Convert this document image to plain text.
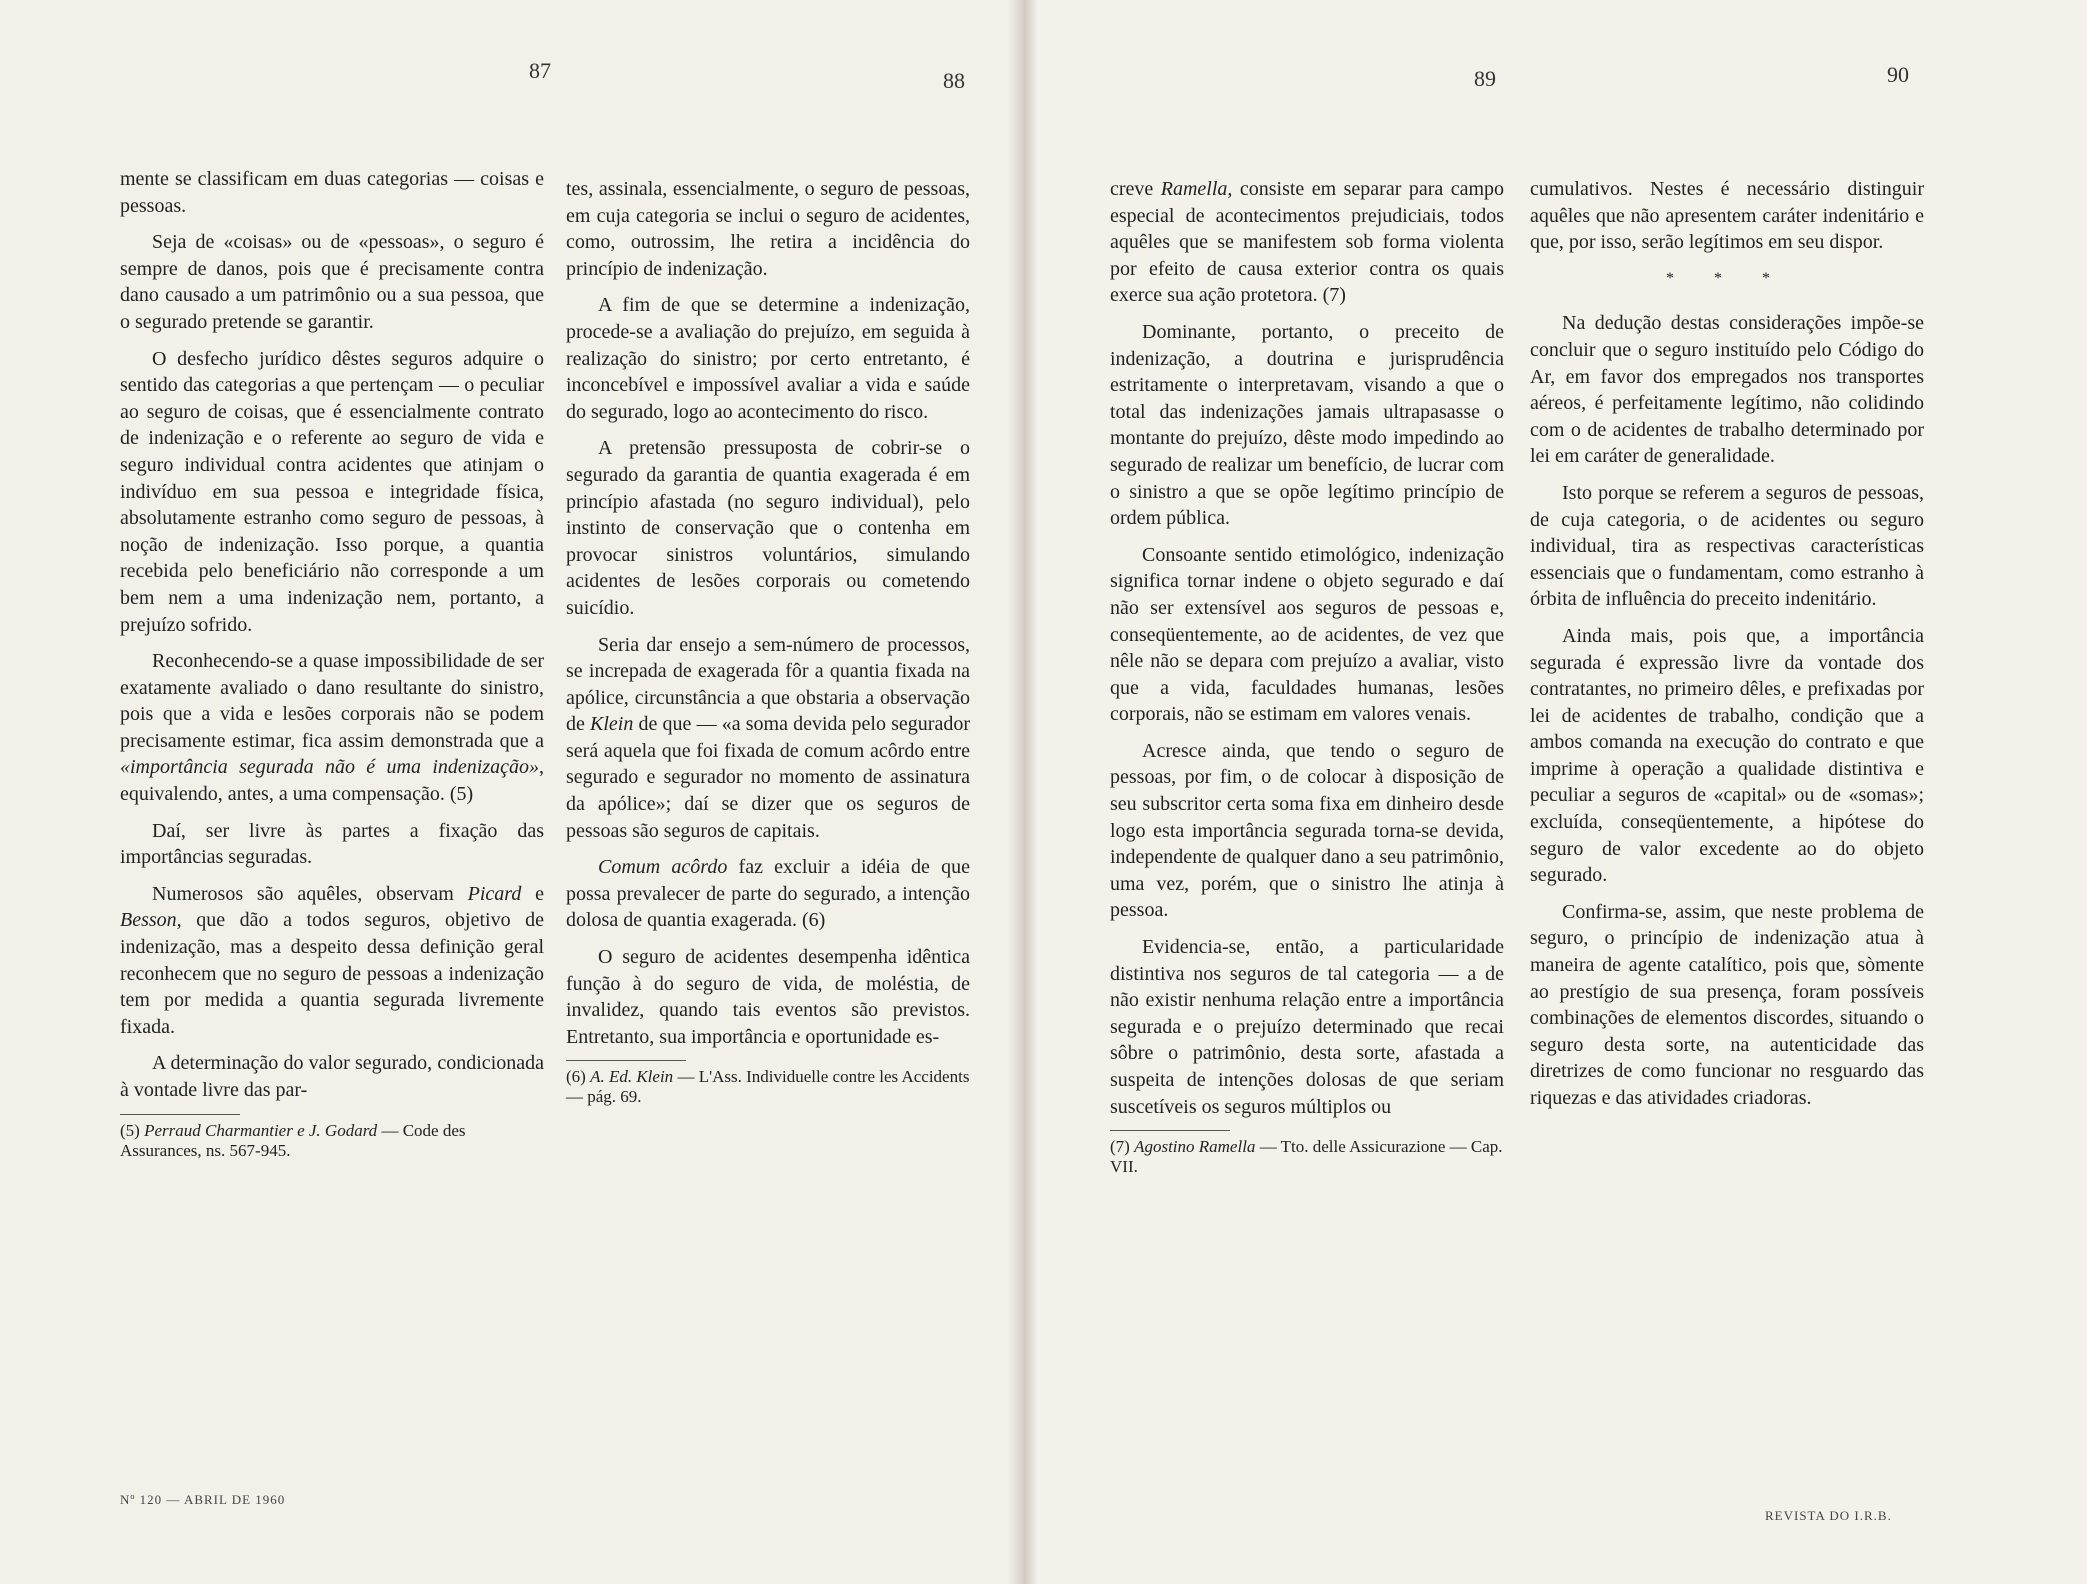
87	88	89	90

mente se classificam em duas categorias — coisas e pessoas.

Seja de «coisas» ou de «pessoas», o seguro é sempre de danos, pois que é precisamente contra dano causado a um patrimônio ou a sua pessoa, que o segurado pretende se garantir.

O desfecho jurídico dêstes seguros adquire o sentido das categorias a que pertençam — o peculiar ao seguro de coisas, que é essencialmente contrato de indenização e o referente ao seguro de vida e seguro individual contra acidentes que atinjam o indivíduo em sua pessoa e integridade física, absolutamente estranho como seguro de pessoas, à noção de indenização. Isso porque, a quantia recebida pelo beneficiário não corresponde a um bem nem a uma indenização nem, portanto, a prejuízo sofrido.

Reconhecendo-se a quase impossibilidade de ser exatamente avaliado o dano resultante do sinistro, pois que a vida e lesões corporais não se podem precisamente estimar, fica assim demonstrada que a «importância segurada não é uma indenização», equivalendo, antes, a uma compensação. (5)

Daí, ser livre às partes a fixação das importâncias seguradas.

Numerosos são aquêles, observam Picard e Besson, que dão a todos seguros, objetivo de indenização, mas a despeito dessa definição geral reconhecem que no seguro de pessoas a indenização tem por medida a quantia segurada livremente fixada.

A determinação do valor segurado, condicionada à vontade livre das par-

(5) Perraud Charmantier e J. Godard — Code des Assurances, ns. 567-945.

tes, assinala, essencialmente, o seguro de pessoas, em cuja categoria se inclui o seguro de acidentes, como, outrossim, lhe retira a incidência do princípio de indenização.

A fim de que se determine a indenização, procede-se a avaliação do prejuízo, em seguida à realização do sinistro; por certo entretanto, é inconcebível e impossível avaliar a vida e saúde do segurado, logo ao acontecimento do risco.

A pretensão pressuposta de cobrir-se o segurado da garantia de quantia exagerada é em princípio afastada (no seguro individual), pelo instinto de conservação que o contenha em provocar sinistros voluntários, simulando acidentes de lesões corporais ou cometendo suicídio.

Seria dar ensejo a sem-número de processos, se increpada de exagerada fôr a quantia fixada na apólice, circunstância a que obstaria a observação de Klein de que — «a soma devida pelo segurador será aquela que foi fixada de comum acôrdo entre segurado e segurador no momento de assinatura da apólice»; daí se dizer que os seguros de pessoas são seguros de capitais.

Comum acôrdo faz excluir a idéia de que possa prevalecer de parte do segurado, a intenção dolosa de quantia exagerada. (6)

O seguro de acidentes desempenha idêntica função à do seguro de vida, de moléstia, de invalidez, quando tais eventos são previstos. Entretanto, sua importância e oportunidade es-

(6) A. Ed. Klein — L'Ass. Individuelle contre les Accidents — pág. 69.

creve Ramella, consiste em separar para campo especial de acontecimentos prejudiciais, todos aquêles que se manifestem sob forma violenta por efeito de causa exterior contra os quais exerce sua ação protetora. (7)

Dominante, portanto, o preceito de indenização, a doutrina e jurisprudência estritamente o interpretavam, visando a que o total das indenizações jamais ultrapasasse o montante do prejuízo, dêste modo impedindo ao segurado de realizar um benefício, de lucrar com o sinistro a que se opõe legítimo princípio de ordem pública.

Consoante sentido etimológico, indenização significa tornar indene o objeto segurado e daí não ser extensível aos seguros de pessoas e, conseqüentemente, ao de acidentes, de vez que nêle não se depara com prejuízo a avaliar, visto que a vida, faculdades humanas, lesões corporais, não se estimam em valores venais.

Acresce ainda, que tendo o seguro de pessoas, por fim, o de colocar à disposição de seu subscritor certa soma fixa em dinheiro desde logo esta importância segurada torna-se devida, independente de qualquer dano a seu patrimônio, uma vez, porém, que o sinistro lhe atinja à pessoa.

Evidencia-se, então, a particularidade distintiva nos seguros de tal categoria — a de não existir nenhuma relação entre a importância segurada e o prejuízo determinado que recai sôbre o patrimônio, desta sorte, afastada a suspeita de intenções dolosas de que seriam suscetíveis os seguros múltiplos ou

(7) Agostino Ramella — Tto. delle Assicurazione — Cap. VII.

cumulativos. Nestes é necessário distinguir aquêles que não apresentem caráter indenitário e que, por isso, serão legítimos em seu dispor.

* * *

Na dedução destas considerações impõe-se concluir que o seguro instituído pelo Código do Ar, em favor dos empregados nos transportes aéreos, é perfeitamente legítimo, não colidindo com o de acidentes de trabalho determinado por lei em caráter de generalidade.

Isto porque se referem a seguros de pessoas, de cuja categoria, o de acidentes ou seguro individual, tira as respectivas características essenciais que o fundamentam, como estranho à órbita de influência do preceito indenitário.

Ainda mais, pois que, a importância segurada é expressão livre da vontade dos contratantes, no primeiro dêles, e prefixadas por lei de acidentes de trabalho, condição que a ambos comanda na execução do contrato e que imprime à operação a qualidade distintiva e peculiar a seguros de «capital» ou de «somas»; excluída, conseqüentemente, a hipótese do seguro de valor excedente ao do objeto segurado.

Confirma-se, assim, que neste problema de seguro, o princípio de indenização atua à maneira de agente catalítico, pois que, sòmente ao prestígio de sua presença, foram possíveis combinações de elementos discordes, situando o seguro desta sorte, na autenticidade das diretrizes de como funcionar no resguardo das riquezas e das atividades criadoras.

Nº 120 — ABRIL DE 1960
REVISTA DO I.R.B.
